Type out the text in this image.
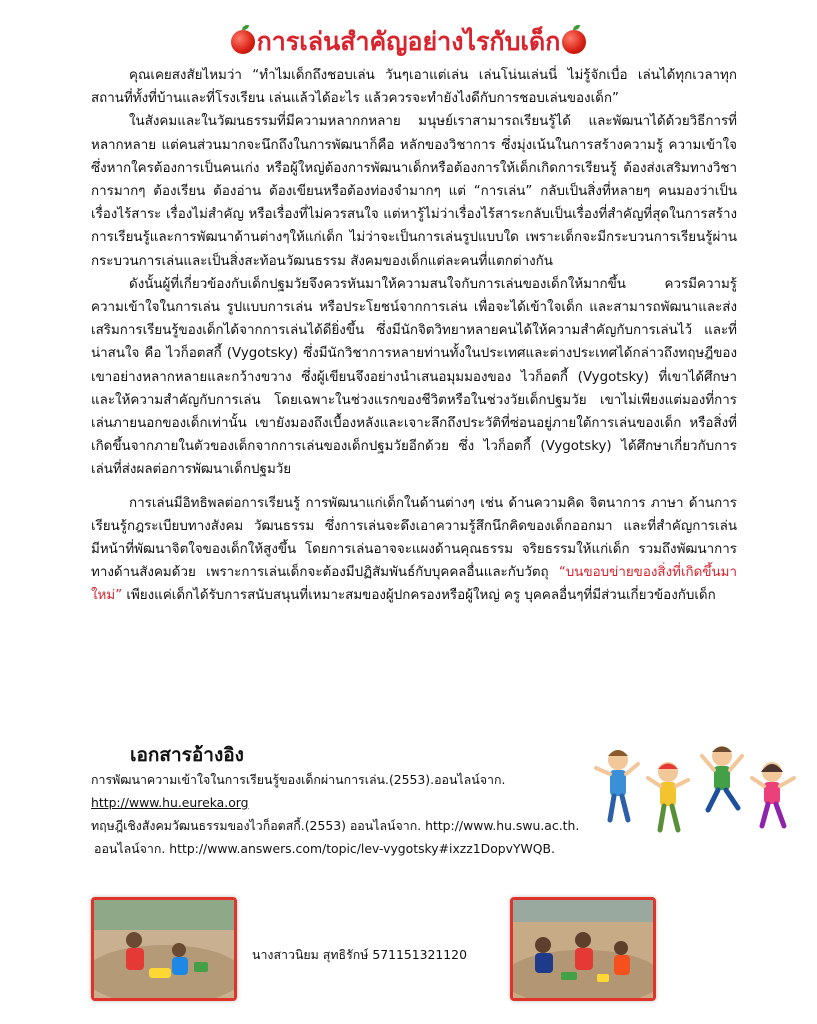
การเล่นสำคัญอย่างไรกับเด็ก

คุณเคยสงสัยไหมว่า “ทำไมเด็กถึงชอบเล่น วันๆเอาแต่เล่น เล่นโน่นเล่นนี่ ไม่รู้จักเบื่อ เล่นได้ทุกเวลาทุกสถานที่ทั้งที่บ้านและที่โรงเรียน เล่นแล้วได้อะไร แล้วควรจะทำยังไงดีกับการชอบเล่นของเด็ก”

ในสังคมและในวัฒนธรรมที่มีความหลากกหลาย มนุษย์เราสามารถเรียนรู้ได้ และพัฒนาได้ด้วยวิธีการที่หลากหลาย แต่คนส่วนมากจะนึกถึงในการพัฒนาก็คือ หลักของวิชาการ ซึ่งมุ่งเน้นในการสร้างความรู้ ความเข้าใจ ซึ่งหากใครต้องการเป็นคนเก่ง หรือผู้ใหญ่ต้องการพัฒนาเด็กหรือต้องการให้เด็กเกิดการเรียนรู้ ต้องส่งเสริมทางวิชาการมากๆ ต้องเรียน ต้องอ่าน ต้องเขียนหรือต้องท่องจำมากๆ แต่ “การเล่น” กลับเป็นสิ่งที่หลายๆ คนมองว่าเป็นเรื่องไร้สาระ เรื่องไม่สำคัญ หรือเรื่องที่ไม่ควรสนใจ แต่หารู้ไม่ว่าเรื่องไร้สาระกลับเป็นเรื่องที่สำคัญที่สุดในการสร้างการเรียนรู้และการพัฒนาด้านต่างๆให้แก่เด็ก ไม่ว่าจะเป็นการเล่นรูปแบบใด เพราะเด็กจะมีกระบวนการเรียนรู้ผ่านกระบวนการเล่นและเป็นสิ่งสะท้อนวัฒนธรรม สังคมของเด็กแต่ละคนที่แตกต่างกัน

ดังนั้นผู้ที่เกี่ยวข้องกับเด็กปฐมวัยจึงควรหันมาให้ความสนใจกับการเล่นของเด็กให้มากขึ้น ควรมีความรู้ ความเข้าใจในการเล่น รูปแบบการเล่น หรือประโยชน์จากการเล่น เพื่อจะได้เข้าใจเด็ก และสามารถพัฒนาและส่งเสริมการเรียนรู้ของเด็กได้จากการเล่นได้ดียิ่งขึ้น ซึ่งมีนักจิตวิทยาหลายคนได้ให้ความสำคัญกับการเล่นไว้ และที่น่าสนใจ คือ ไวก็อตสกี้ (Vygotsky) ซึ่งมีนักวิชาการหลายท่านทั้งในประเทศและต่างประเทศได้กล่าวถึงทฤษฎีของเขาอย่างหลากหลายและกว้างขวาง ซึ่งผู้เขียนจึงอย่างนำเสนอมุมมองของ ไวก็อตกี้ (Vygotsky) ที่เขาได้ศึกษาและให้ความสำคัญกับการเล่น โดยเฉพาะในช่วงแรกของชีวิตหรือในช่วงวัยเด็กปฐมวัย เขาไม่เพียงแต่มองที่การเล่นภายนอกของเด็กเท่านั้น เขายังมองถึงเบื้องหลังและเจาะลึกถึงประวัติที่ซ่อนอยู่ภายใต้การเล่นของเด็ก หรือสิ่งที่เกิดขึ้นจากภายในตัวของเด็กจากการเล่นของเด็กปฐมวัยอีกด้วย ซึ่ง ไวก็อตกี้ (Vygotsky) ได้ศึกษาเกี่ยวกับการเล่นที่ส่งผลต่อการพัฒนาเด็กปฐมวัย

การเล่นมีอิทธิพลต่อการเรียนรู้ การพัฒนาแก่เด็กในด้านต่างๆ เช่น ด้านความคิด จิตนาการ ภาษา ด้านการเรียนรู้กฎระเบียบทางสังคม วัฒนธรรม ซึ่งการเล่นจะดึงเอาความรู้สึกนึกคิดของเด็กออกมา และที่สำคัญการเล่นมีหน้าที่พัฒนาจิตใจของเด็กให้สูงขึ้น โดยการเล่นอาจจะแผงด้านคุณธรรม จริยธรรมให้แก่เด็ก รวมถึงพัฒนาการทางด้านสังคมด้วย เพราะการเล่นเด็กจะต้องมีปฏิสัมพันธ์กับบุคคลอื่นและกับวัตถุ “บนขอบข่ายของสิ่งที่เกิดขึ้นมาใหม่” เพียงแค่เด็กได้รับการสนับสนุนที่เหมาะสมของผู้ปกครองหรือผู้ใหญ่ ครู บุคคลอื่นๆที่มีส่วนเกี่ยวข้องกับเด็ก

เอกสารอ้างอิง
การพัฒนาความเข้าใจในการเรียนรู้ของเด็กผ่านการเล่น.(2553).ออนไลน์จาก. http://www.hu.eureka.org
ทฤษฎีเชิงสังคมวัฒนธรรมของไวก็อตสกี้.(2553) ออนไลน์จาก. http://www.hu.swu.ac.th.
ออนไลน์จาก. http://www.answers.com/topic/lev-vygotsky#ixzz1DopvYWQB.
นางสาวนิยม สุทธิรักษ์ 571151321120
